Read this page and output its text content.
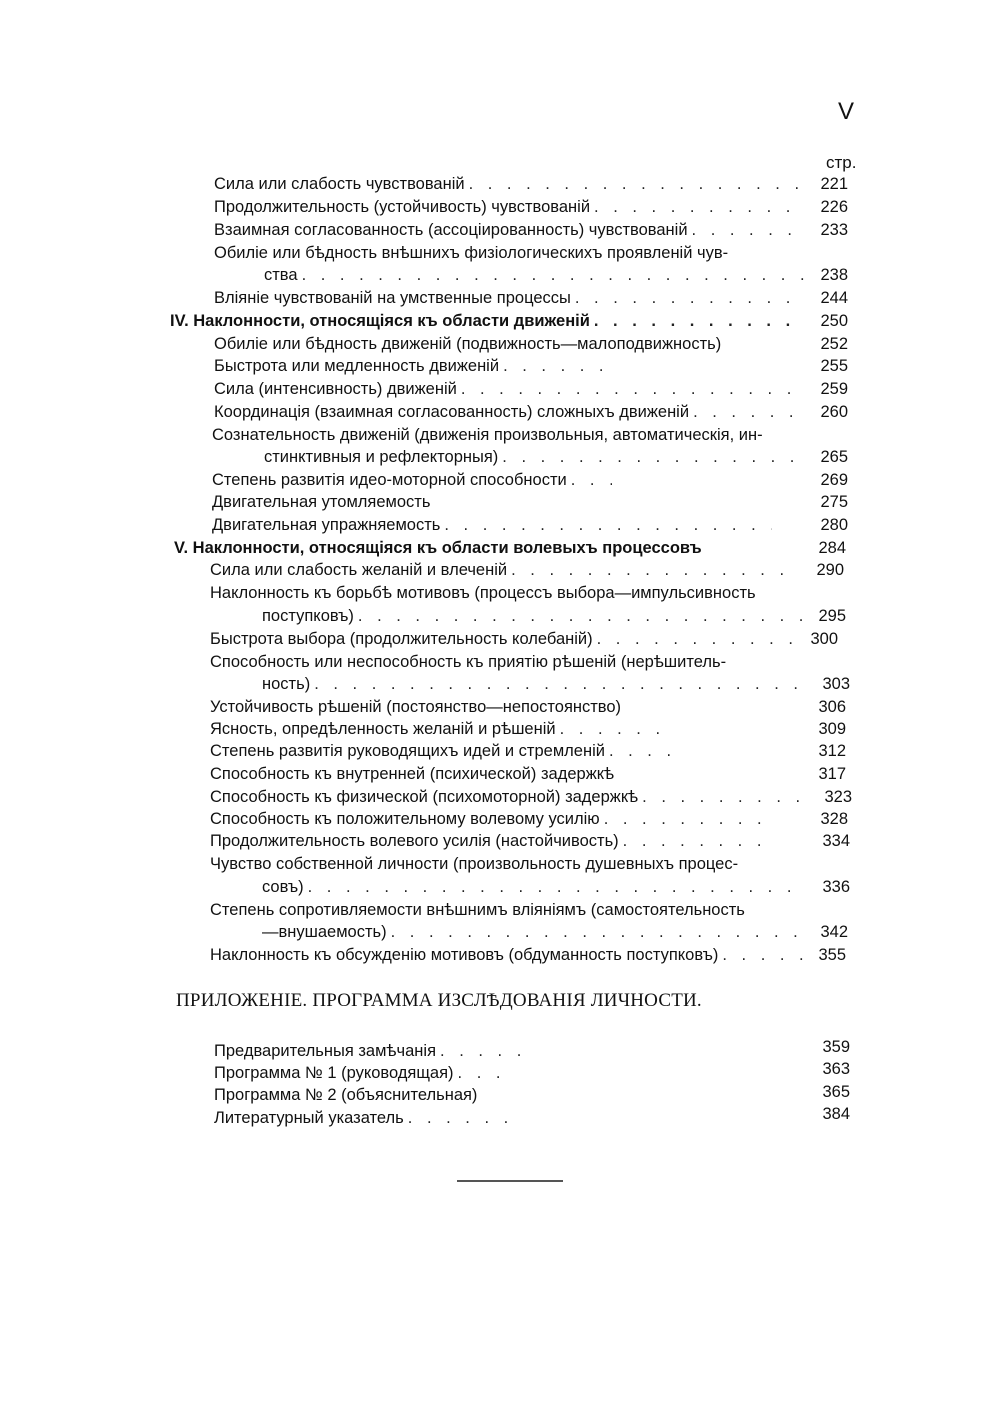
V
стр.
Сила или слабость чувствованій . . .	221
Продолжительность (устойчивость) чувствованій . . .	226
Взаимная согласованность (ассоціированность) чувствованій . . .	233
Обиліе или бѣдность внѣшнихъ физіологическихъ проявленій чув-
ства . . .	238
Вліяніе чувствованій на умственные процессы . . .	244
IV. Наклонности, относящіяся къ области движеній . . .	250
Обиліе или бѣдность движеній (подвижность—малоподвижность)	252
Быстрота или медленность движеній . . .	255
Сила (интенсивность) движеній . . .	259
Координація (взаимная согласованность) сложныхъ движеній . . .	260
Сознательность движеній (движенія произвольныя, автоматическія, ин-
стинктивныя и рефлекторныя) . . .	265
Степень развитія идео-моторной способности . . .	269
Двигательная утомляемость	275
Двигательная упражняемость . . .	280
V. Наклонности, относящіяся къ области волевыхъ процессовъ	284
Сила или слабость желаній и влеченій . . .	290
Наклонность къ борьбѣ мотивовъ (процессъ выбора—импульсивность
поступковъ) . . .	295
Быстрота выбора (продолжительность колебаній) . . .	300
Способность или неспособность къ приятію рѣшеній (нерѣшитель-
ность) . . .	303
Устойчивость рѣшеній (постоянство—непостоянство)	306
Ясность, опредѣленность желаній и рѣшеній . . .	309
Степень развитія руководящихъ идей и стремленій . . .	312
Способность къ внутренней (психической) задержкѣ	317
Способность къ физической (психомоторной) задержкѣ . . .	323
Способность къ положительному волевому усилію . . .	328
Продолжительность волевого усилія (настойчивость) . . .	334
Чувство собственной личности (произвольность душевныхъ процес-
совъ) . . .	336
Степень сопротивляемости внѣшнимъ вліяніямъ (самостоятельность
—внушаемость) . . .	342
Наклонность къ обсужденію мотивовъ (обдуманность поступковъ) . . .	355
ПРИЛОЖЕНІЕ. ПРОГРАММА ИЗСЛѢДОВАНІЯ ЛИЧНОСТИ.
Предварительныя замѣчанія . . .	359
Программа № 1 (руководящая) . . .	363
Программа № 2 (объяснительная)	365
Литературный указатель . . .	384
